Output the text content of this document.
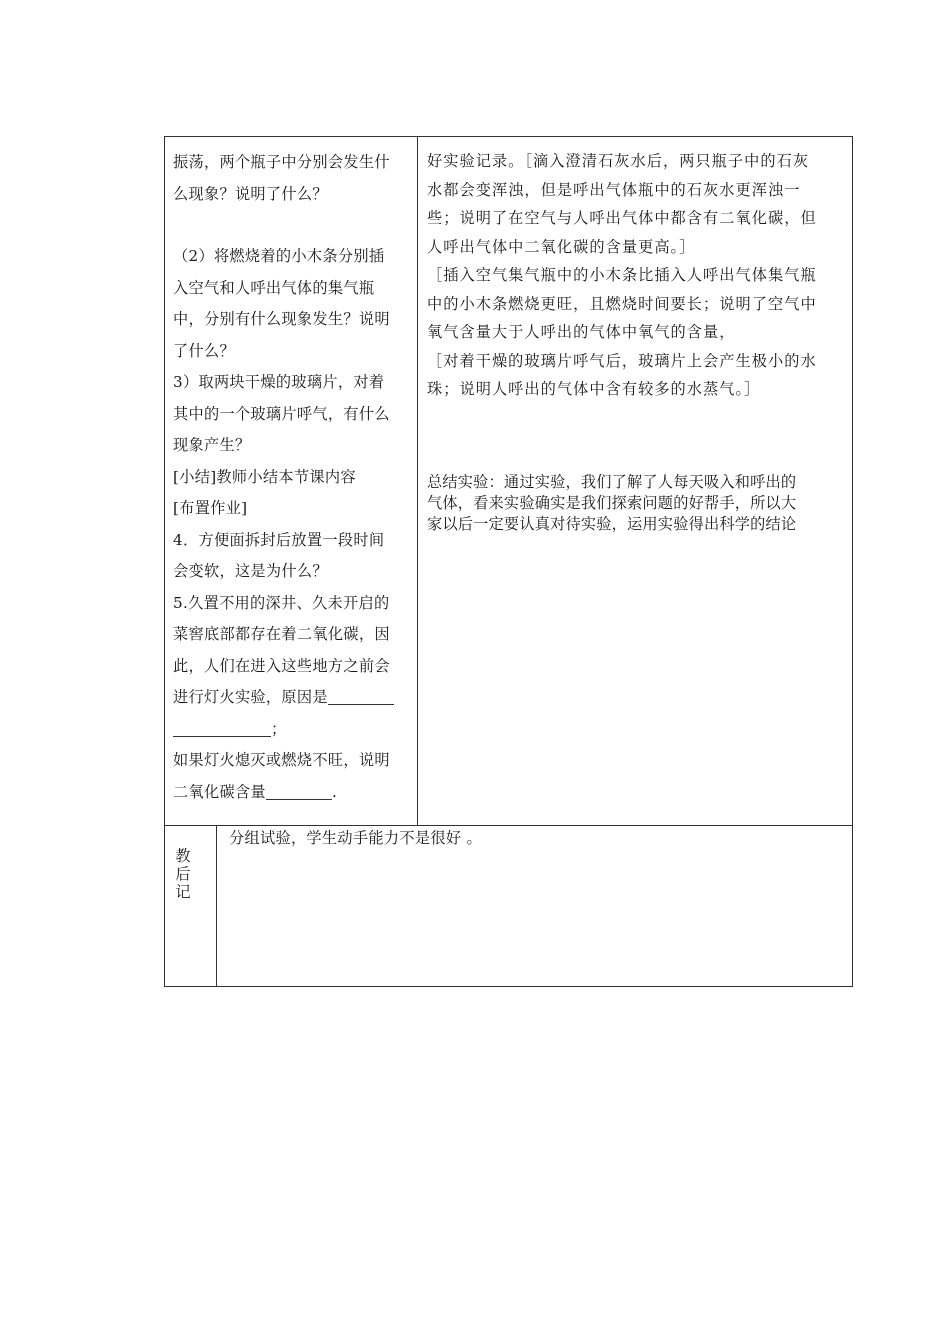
振荡，两个瓶子中分别会发生什

么现象？说明了什么？

（2）将燃烧着的小木条分别插

入空气和人呼出气体的集气瓶

中，分别有什么现象发生？说明

了什么？

3）取两块干燥的玻璃片，对着

其中的一个玻璃片呼气，有什么

现象产生？

[小结]教师小结本节课内容

[布置作业]

4．方便面拆封后放置一段时间

会变软，这是为什么？

5.久置不用的深井、久未开启的

菜窖底部都存在着二氧化碳，因

此，人们在进入这些地方之前会

进行灯火实验，原因是

；

如果灯火熄灭或燃烧不旺，说明

二氧化碳含量	.

好实验记录。［滴入澄清石灰水后，两只瓶子中的石灰

水都会变浑浊，但是呼出气体瓶中的石灰水更浑浊一

些；说明了在空气与人呼出气体中都含有二氧化碳，但

人呼出气体中二氧化碳的含量更高。］

［插入空气集气瓶中的小木条比插入人呼出气体集气瓶

中的小木条燃烧更旺，且燃烧时间要长；说明了空气中

氧气含量大于人呼出的气体中氧气的含量，

［对着干燥的玻璃片呼气后，玻璃片上会产生极小的水

珠；说明人呼出的气体中含有较多的水蒸气。］

总结实验：通过实验，我们了解了人每天吸入和呼出的

气体，看来实验确实是我们探索问题的好帮手，所以大

家以后一定要认真对待实验，运用实验得出科学的结论

教
后
记
分组试验，学生动手能力不是很好 。
